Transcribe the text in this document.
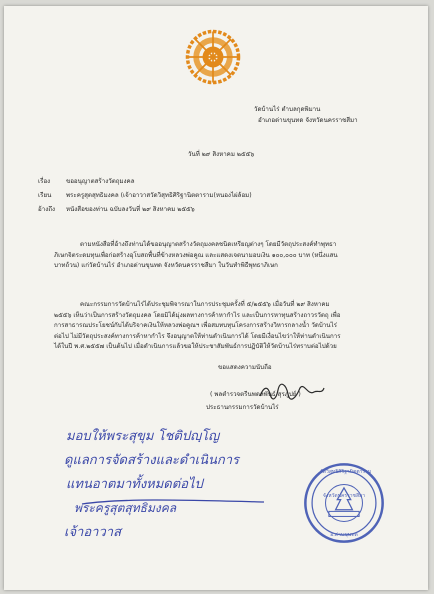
วัดบ้านไร่ ตำบลกุดพิมาน
อำเภอด่านขุนทด จังหวัดนครราชสีมา
วันที่ ๒๙ สิงหาคม ๒๕๕๖
เรื่อง	ขออนุญาตสร้างวัตถุมงคล
เรียน พระครูสุตสุทธิมงคล (เจ้าอาวาสวัดวิสุทธิศิริฐานิตตาราม(หนองไผ่ล้อม)
อ้างถึง หนังสือของท่าน ฉบับลงวันที่ ๒๙ สิงหาคม ๒๕๕๖
ตามหนังสือที่อ้างถึงท่านได้ขออนุญาตสร้างวัตถุมงคลชนิดเหรียญต่างๆ โดยมีวัตถุประสงค์ทำพุทธา
ภิเษกจิตระดมทุนเพื่อก่อสร้างอุโบสถพื้นที่ข้างหลวงพ่อคูณ และแสดงเจตนามอบเงิน ๑๐๐,๐๐๐ บาท (หนึ่งแสน
บาทถ้วน) แก่วัดบ้านไร่ อำเภอด่านขุนทด จังหวัดนครราชสีมา ในวันทำพิธีพุทธาภิเษก
คณะกรรมการวัดบ้านไร่ได้ประชุมพิจารณาในการประชุมครั้งที่ ๕/๒๕๕๖ เมื่อวันที่ ๒๙ สิงหาคม
๒๕๕๖ เห็นว่าเป็นการสร้างวัตถุมงคล โดยมิได้มุ่งผลทางการค้าหากำไร และเป็นการหาทุนสร้างถาวรวัตถุ เพื่อ
การสาธารณประโยชน์กับได้บริจาคเงินให้หลวงพ่อคูณฯ เพื่อสมทบทุนโครงการสร้างวิหารกลางน้ำ วัดบ้านไร่
ต่อไป ไม่มีวัตถุประสงค์ทางการค้าหากำไร จึงอนุญาตให้ท่านดำเนินการได้ โดยมีเงื่อนไขว่าให้ท่านดำเนินการ
ได้ในปี พ.ศ.๒๕๕๗ เป็นต้นไป เมื่อดำเนินการแล้วขอให้ประชาสัมพันธ์การปฏิบัติให้วัดบ้านไร่ทราบต่อไปด้วย
ขอแสดงความนับถือ
( พลตำรวจตรีนพดลพันธ์ สุรภูปย์ )
ประธานกรรมการวัดบ้านไร่
มอบให้พระสุขุม โชติปญฺโญ
ดูแลการจัดสร้างและดำเนินการ
แทนอาตมาทั้งหมดต่อไป
พระครูสุตสุทธิมงคล
เจ้าอาวาส
วัดวิสุทธิศิริฐานิตตาราม
จังหวัดนครราชสีมา
อ.ด่านขุนทด
